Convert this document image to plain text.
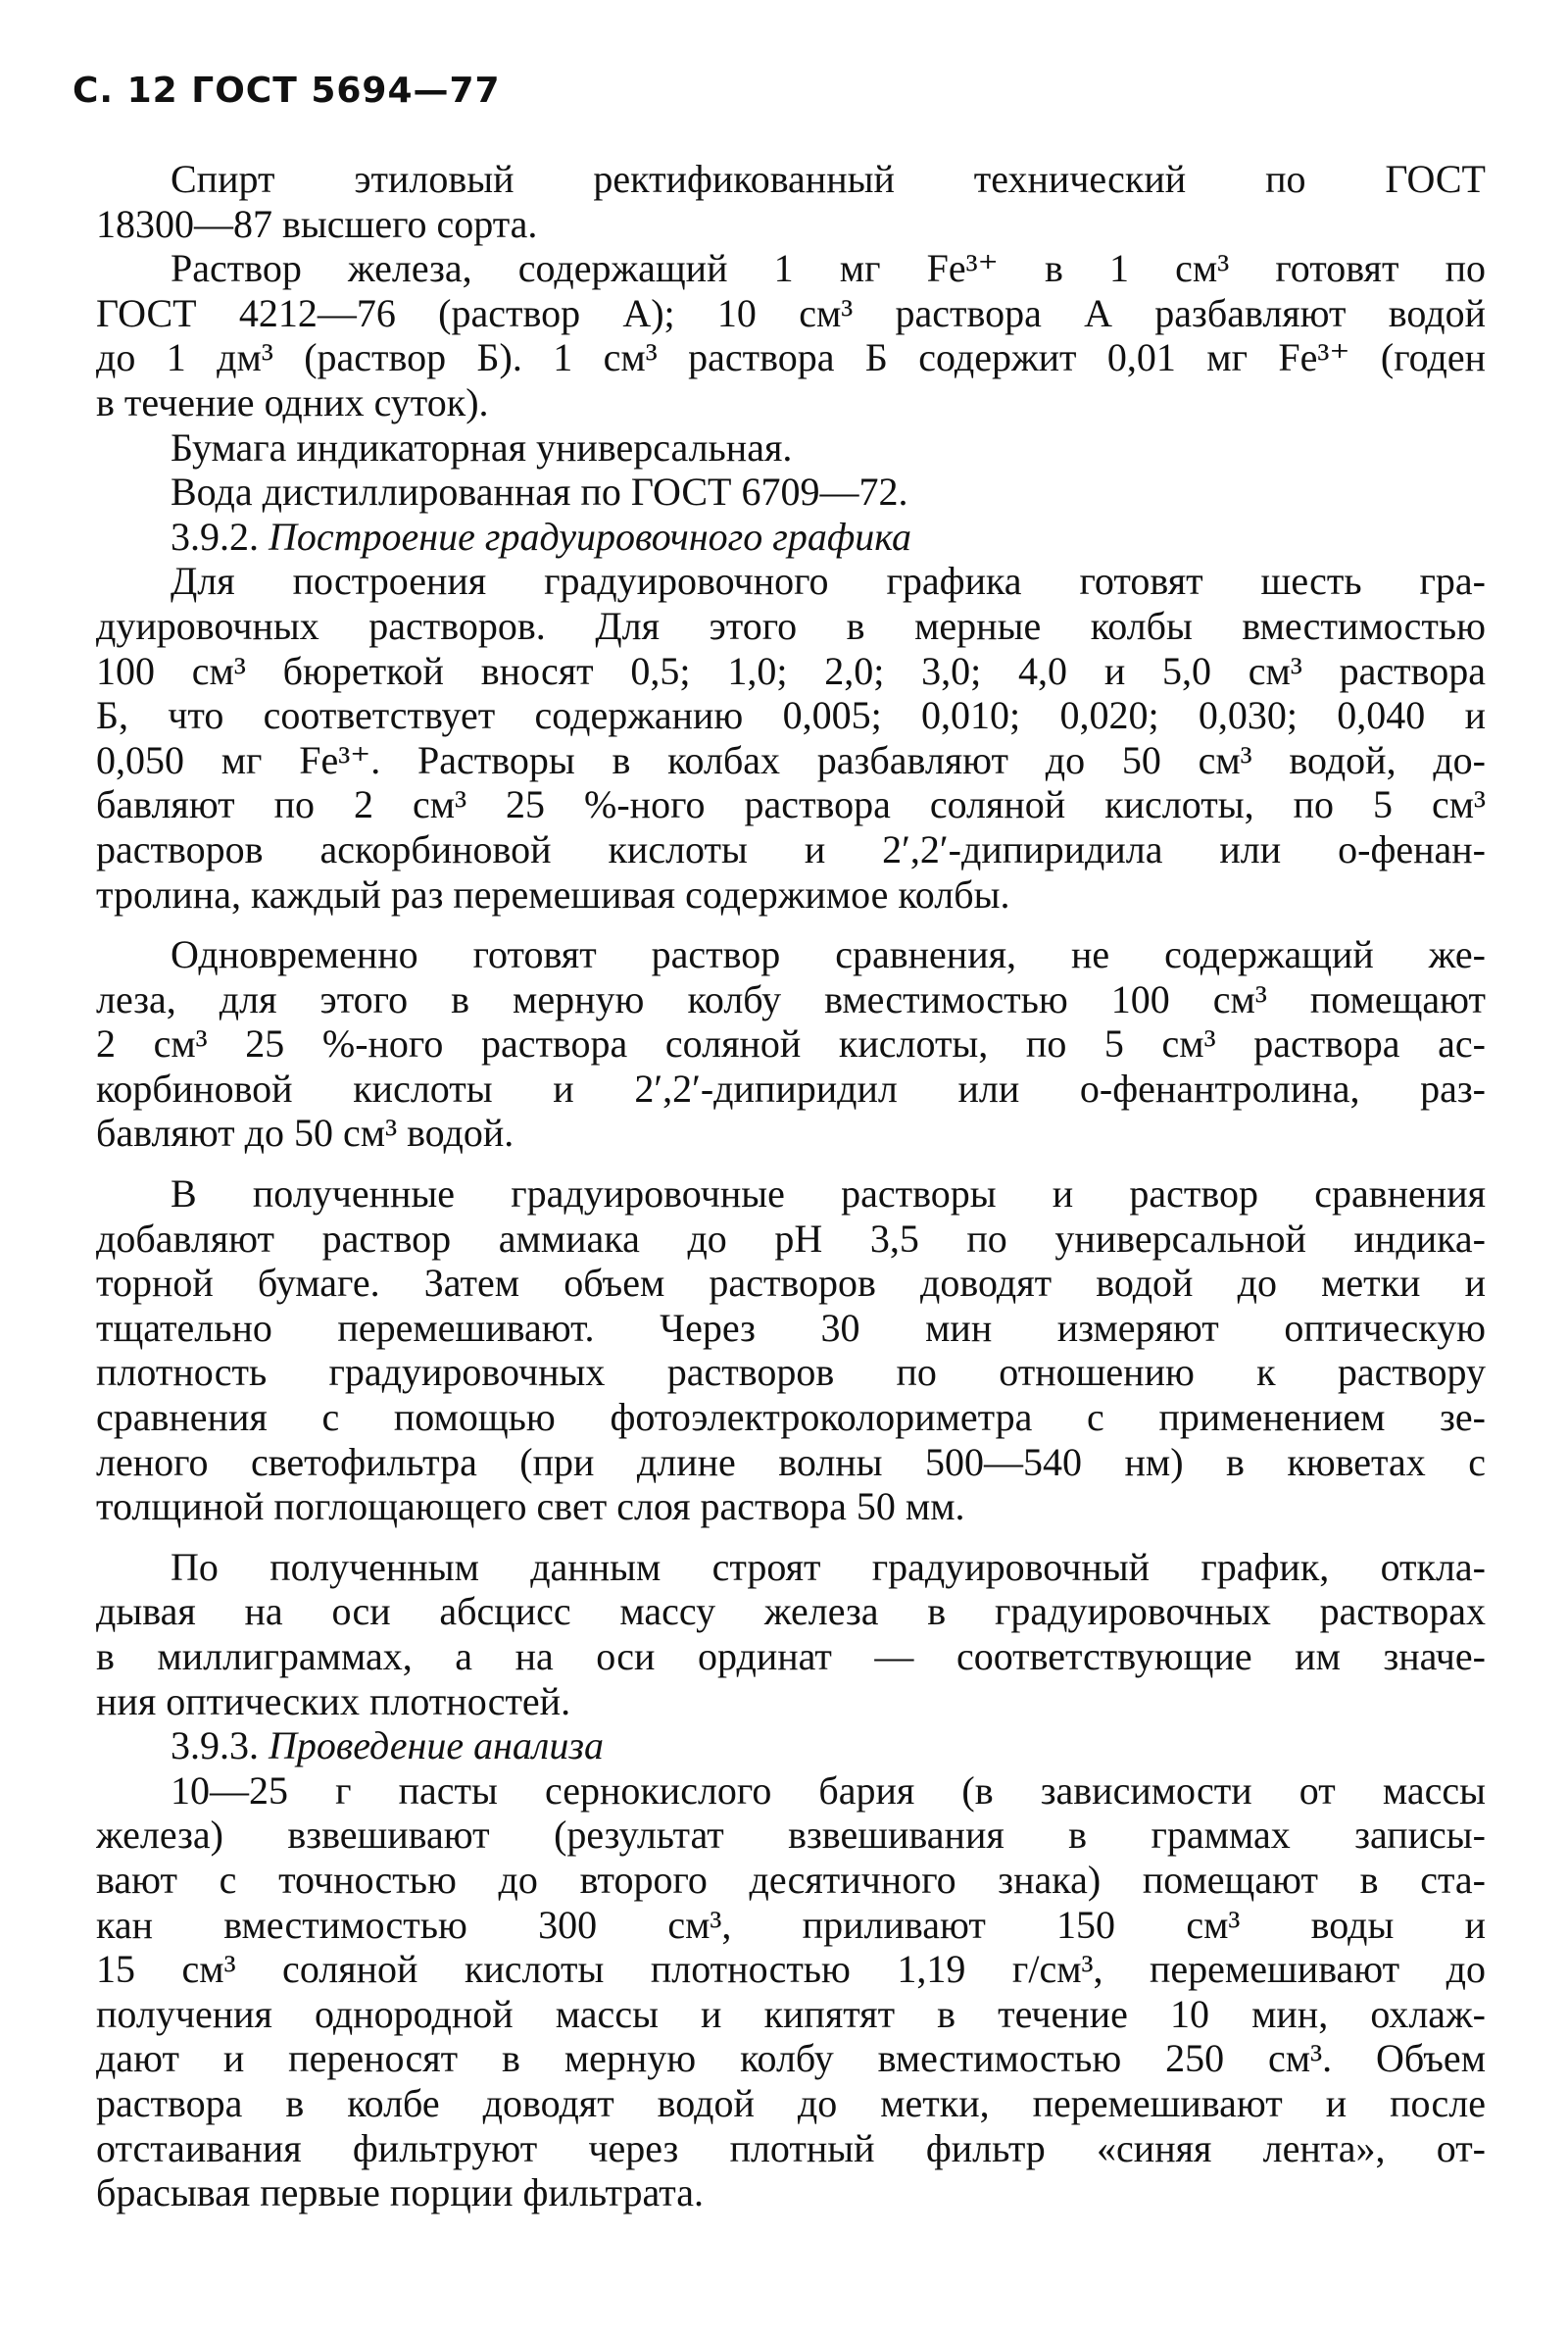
С. 12 ГОСТ 5694—77
Спирт этиловый ректификованный технический по ГОСТ
18300—87 высшего сорта.
Раствор железа, содержащий 1 мг Fe³⁺ в 1 см³ готовят по
ГОСТ 4212—76 (раствор А); 10 см³ раствора А разбавляют водой
до 1 дм³ (раствор Б). 1 см³ раствора Б содержит 0,01 мг Fe³⁺ (годен
в течение одних суток).
Бумага индикаторная универсальная.
Вода дистиллированная по ГОСТ 6709—72.
3.9.2. Построение градуировочного графика
Для построения градуировочного графика готовят шесть гра-
дуировочных растворов. Для этого в мерные колбы вместимостью
100 см³ бюреткой вносят 0,5; 1,0; 2,0; 3,0; 4,0 и 5,0 см³ раствора
Б, что соответствует содержанию 0,005; 0,010; 0,020; 0,030; 0,040 и
0,050 мг Fe³⁺. Растворы в колбах разбавляют до 50 см³ водой, до-
бавляют по 2 см³ 25 %-ного раствора соляной кислоты, по 5 см³
растворов аскорбиновой кислоты и 2′,2′-дипиридила или о-фенан-
тролина, каждый раз перемешивая содержимое колбы.
Одновременно готовят раствор сравнения, не содержащий же-
леза, для этого в мерную колбу вместимостью 100 см³ помещают
2 см³ 25 %-ного раствора соляной кислоты, по 5 см³ раствора ас-
корбиновой кислоты и 2′,2′-дипиридил или о-фенантролина, раз-
бавляют до 50 см³ водой.
В полученные градуировочные растворы и раствор сравнения
добавляют раствор аммиака до pH 3,5 по универсальной индика-
торной бумаге. Затем объем растворов доводят водой до метки и
тщательно перемешивают. Через 30 мин измеряют оптическую
плотность градуировочных растворов по отношению к раствору
сравнения с помощью фотоэлектроколориметра с применением зе-
леного светофильтра (при длине волны 500—540 нм) в кюветах с
толщиной поглощающего свет слоя раствора 50 мм.
По полученным данным строят градуировочный график, откла-
дывая на оси абсцисс массу железа в градуировочных растворах
в миллиграммах, а на оси ординат — соответствующие им значе-
ния оптических плотностей.
3.9.3. Проведение анализа
10—25 г пасты сернокислого бария (в зависимости от массы
железа) взвешивают (результат взвешивания в граммах записы-
вают с точностью до второго десятичного знака) помещают в ста-
кан вместимостью 300 см³, приливают 150 см³ воды и
15 см³ соляной кислоты плотностью 1,19 г/см³, перемешивают до
получения однородной массы и кипятят в течение 10 мин, охлаж-
дают и переносят в мерную колбу вместимостью 250 см³. Объем
раствора в колбе доводят водой до метки, перемешивают и после
отстаивания фильтруют через плотный фильтр «синяя лента», от-
брасывая первые порции фильтрата.
